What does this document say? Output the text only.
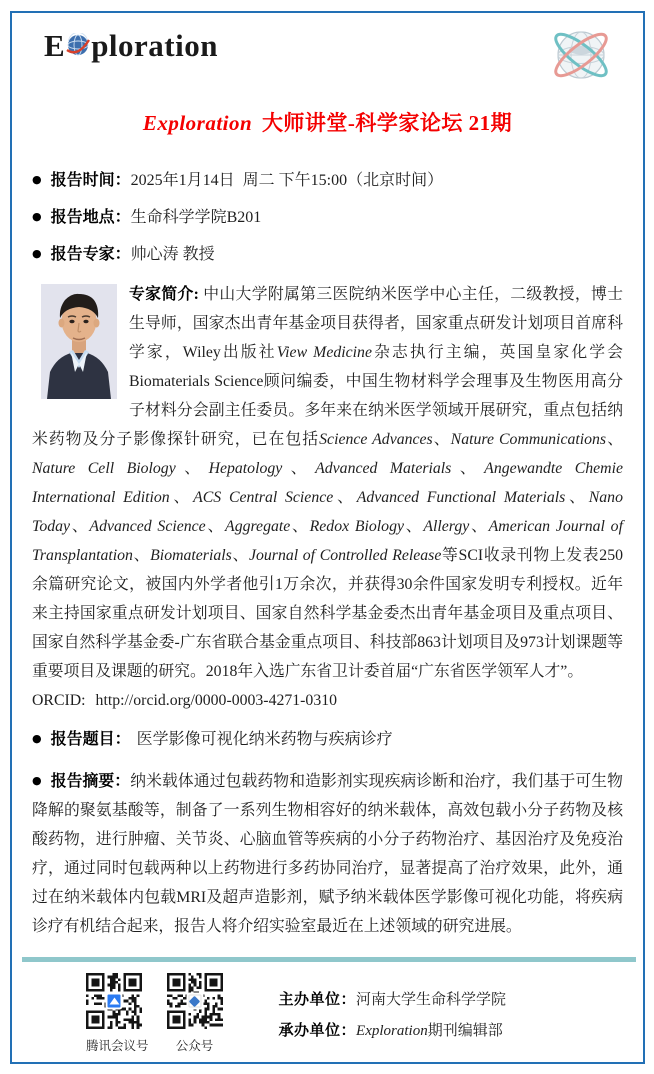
E ploration
Exploration 大师讲堂-科学家论坛 21期
● 报告时间：2025年1月14日  周二 下午15:00（北京时间）
● 报告地点：生命科学学院B201
● 报告专家：帅心涛 教授
专家简介: 中山大学附属第三医院纳米医学中心主任，二级教授，博士生导师，国家杰出青年基金项目获得者，国家重点研发计划项目首席科学家，Wiley出版社View Medicine杂志执行主编，英国皇家化学会Biomaterials Science顾问编委，中国生物材料学会理事及生物医用高分子材料分会副主任委员。多年来在纳米医学领域开展研究，重点包括纳米药物及分子影像探针研究，已在包括Science Advances、Nature Communications、Nature Cell Biology、Hepatology、Advanced Materials、Angewandte Chemie International Edition、ACS Central Science、Advanced Functional Materials、Nano Today、Advanced Science、Aggregate、Redox Biology、Allergy、American Journal of Transplantation、Biomaterials、Journal of Controlled Release等SCI收录刊物上发表250余篇研究论文，被国内外学者他引1万余次，并获得30余件国家发明专利授权。近年来主持国家重点研发计划项目、国家自然科学基金委杰出青年基金项目及重点项目、国家自然科学基金委-广东省联合基金重点项目、科技部863计划项目及973计划课题等重要项目及课题的研究。2018年入选广东省卫计委首届“广东省医学领军人才”。
ORCID: http://orcid.org/0000-0003-4271-0310
● 报告题目： 医学影像可视化纳米药物与疾病诊疗
● 报告摘要：纳米载体通过包载药物和造影剂实现疾病诊断和治疗，我们基于可生物降解的聚氨基酸等，制备了一系列生物相容好的纳米载体，高效包载小分子药物及核酸药物，进行肿瘤、关节炎、心脑血管等疾病的小分子药物治疗、基因治疗及免疫治疗，通过同时包载两种以上药物进行多药协同治疗，显著提高了治疗效果，此外，通过在纳米载体内包载MRI及超声造影剂，赋予纳米载体医学影像可视化功能，将疾病诊疗有机结合起来，报告人将介绍实验室最近在上述领域的研究进展。
腾讯会议号	公众号
主办单位：河南大学生命科学学院
承办单位：Exploration期刊编辑部
